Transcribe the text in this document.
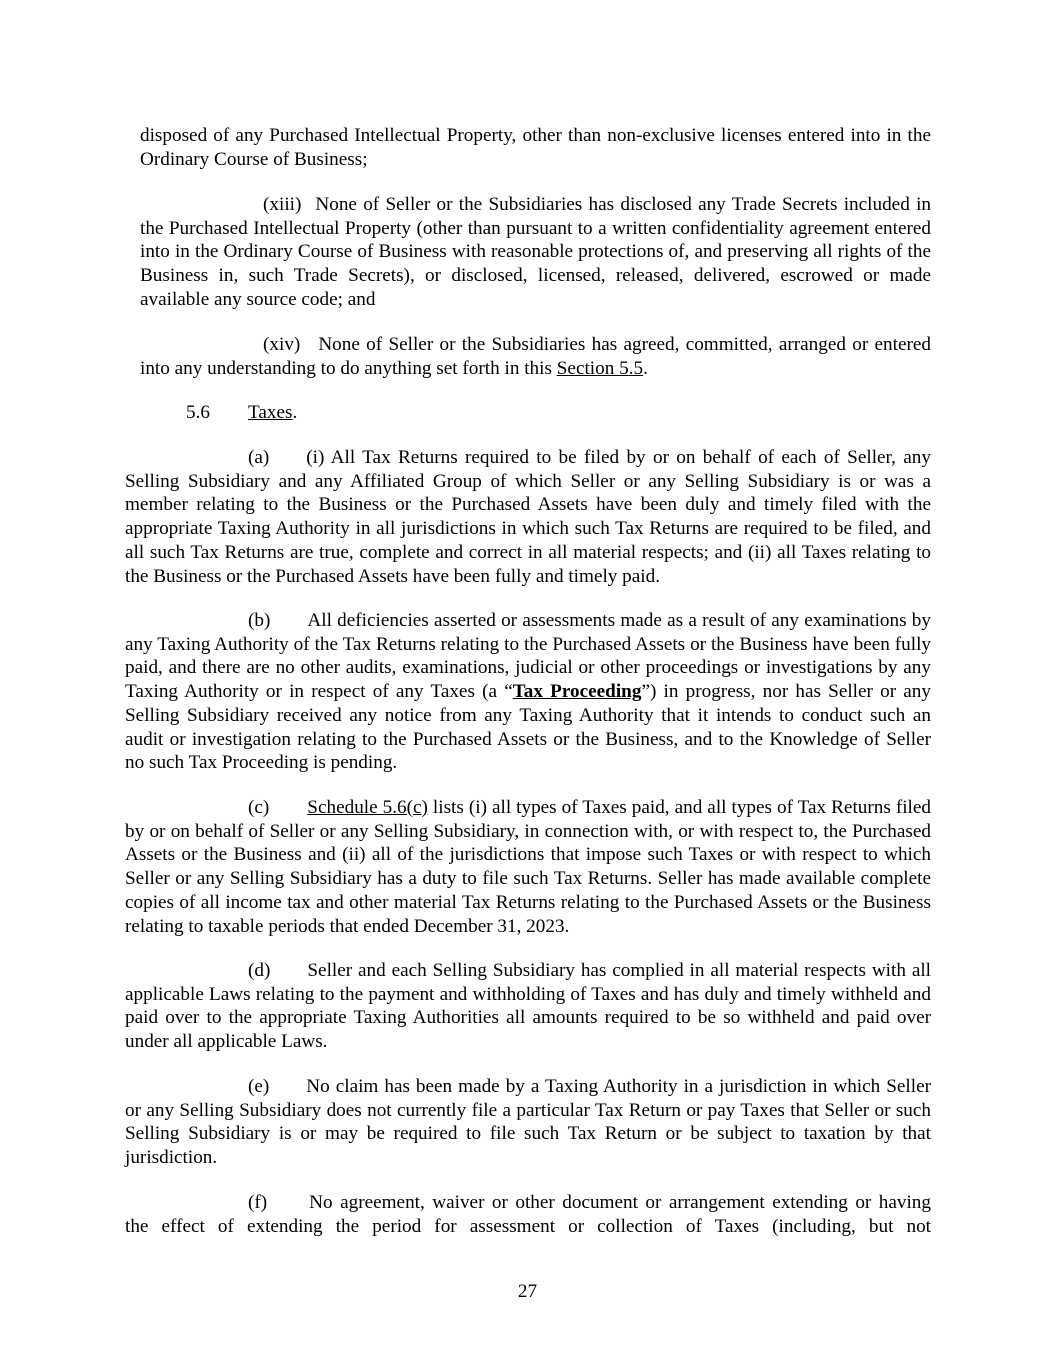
disposed of any Purchased Intellectual Property, other than non-exclusive licenses entered into in the Ordinary Course of Business;

(xiii) None of Seller or the Subsidiaries has disclosed any Trade Secrets included in the Purchased Intellectual Property (other than pursuant to a written confidentiality agreement entered into in the Ordinary Course of Business with reasonable protections of, and preserving all rights of the Business in, such Trade Secrets), or disclosed, licensed, released, delivered, escrowed or made available any source code; and

(xiv) None of Seller or the Subsidiaries has agreed, committed, arranged or entered into any understanding to do anything set forth in this Section 5.5.

5.6 Taxes.

(a) (i) All Tax Returns required to be filed by or on behalf of each of Seller, any Selling Subsidiary and any Affiliated Group of which Seller or any Selling Subsidiary is or was a member relating to the Business or the Purchased Assets have been duly and timely filed with the appropriate Taxing Authority in all jurisdictions in which such Tax Returns are required to be filed, and all such Tax Returns are true, complete and correct in all material respects; and (ii) all Taxes relating to the Business or the Purchased Assets have been fully and timely paid.

(b) All deficiencies asserted or assessments made as a result of any examinations by any Taxing Authority of the Tax Returns relating to the Purchased Assets or the Business have been fully paid, and there are no other audits, examinations, judicial or other proceedings or investigations by any Taxing Authority or in respect of any Taxes (a “Tax Proceeding”) in progress, nor has Seller or any Selling Subsidiary received any notice from any Taxing Authority that it intends to conduct such an audit or investigation relating to the Purchased Assets or the Business, and to the Knowledge of Seller no such Tax Proceeding is pending.

(c) Schedule 5.6(c) lists (i) all types of Taxes paid, and all types of Tax Returns filed by or on behalf of Seller or any Selling Subsidiary, in connection with, or with respect to, the Purchased Assets or the Business and (ii) all of the jurisdictions that impose such Taxes or with respect to which Seller or any Selling Subsidiary has a duty to file such Tax Returns. Seller has made available complete copies of all income tax and other material Tax Returns relating to the Purchased Assets or the Business relating to taxable periods that ended December 31, 2023.

(d) Seller and each Selling Subsidiary has complied in all material respects with all applicable Laws relating to the payment and withholding of Taxes and has duly and timely withheld and paid over to the appropriate Taxing Authorities all amounts required to be so withheld and paid over under all applicable Laws.

(e) No claim has been made by a Taxing Authority in a jurisdiction in which Seller or any Selling Subsidiary does not currently file a particular Tax Return or pay Taxes that Seller or such Selling Subsidiary is or may be required to file such Tax Return or be subject to taxation by that jurisdiction.

(f) No agreement, waiver or other document or arrangement extending or having the effect of extending the period for assessment or collection of Taxes (including, but not

27
